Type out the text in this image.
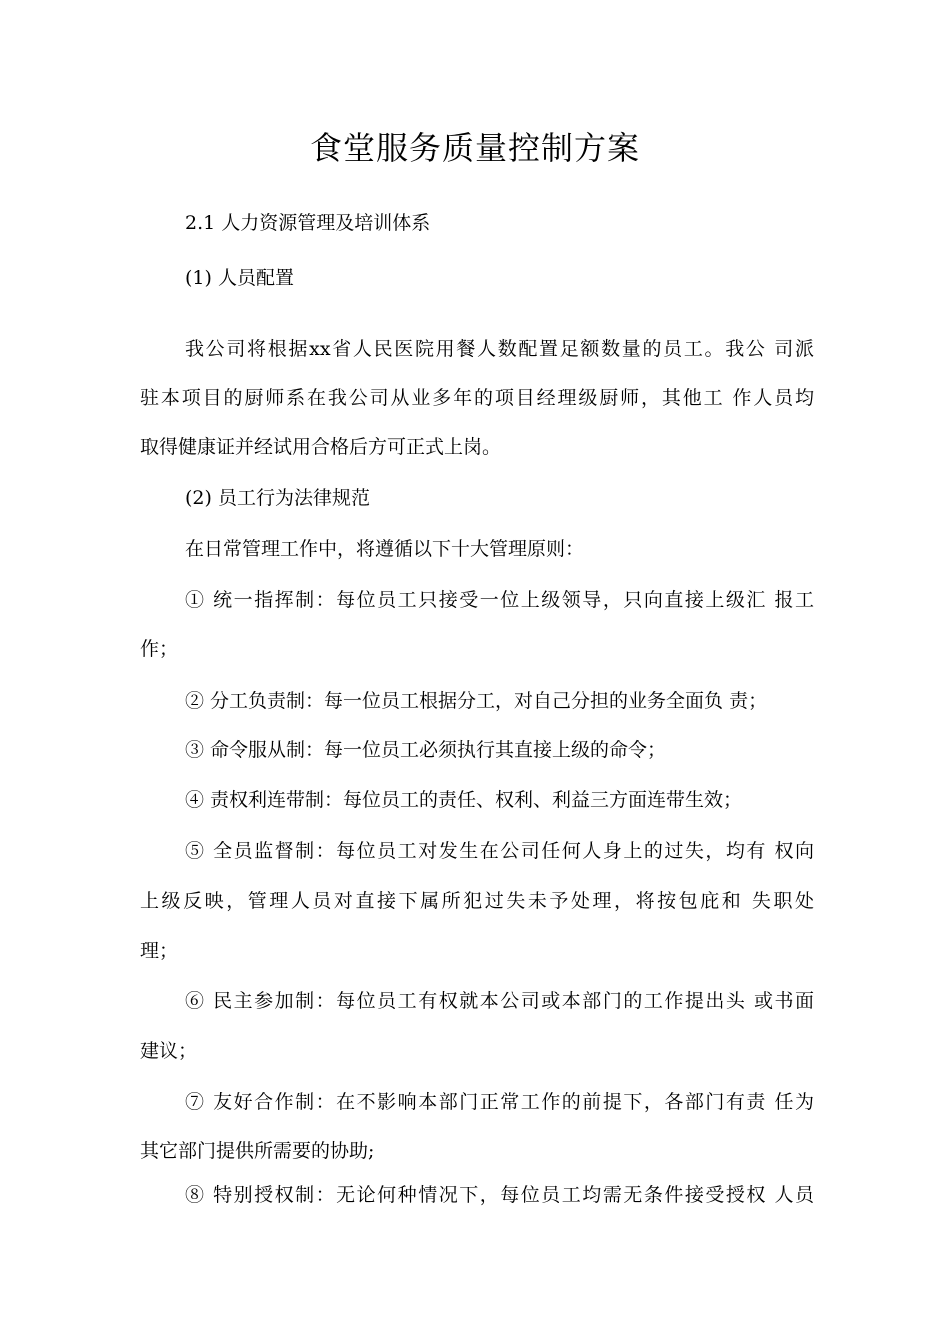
食堂服务质量控制方案
2.1 人力资源管理及培训体系
(1) 人员配置
我公司将根据xx省人民医院用餐人数配置足额数量的员工。我公 司派
驻本项目的厨师系在我公司从业多年的项目经理级厨师，其他工 作人员均
取得健康证并经试用合格后方可正式上岗。
(2) 员工行为法律规范
在日常管理工作中，将遵循以下十大管理原则：
① 统一指挥制：每位员工只接受一位上级领导，只向直接上级汇 报工
作；
② 分工负责制：每一位员工根据分工，对自己分担的业务全面负 责；
③ 命令服从制：每一位员工必须执行其直接上级的命令；
④ 责权利连带制：每位员工的责任、权利、利益三方面连带生效；
⑤ 全员监督制：每位员工对发生在公司任何人身上的过失，均有 权向
上级反映，管理人员对直接下属所犯过失未予处理，将按包庇和 失职处
理；
⑥ 民主参加制：每位员工有权就本公司或本部门的工作提出头 或书面
建议；
⑦ 友好合作制：在不影响本部门正常工作的前提下，各部门有责 任为
其它部门提供所需要的协助;
⑧ 特别授权制：无论何种情况下，每位员工均需无条件接受授权 人员
